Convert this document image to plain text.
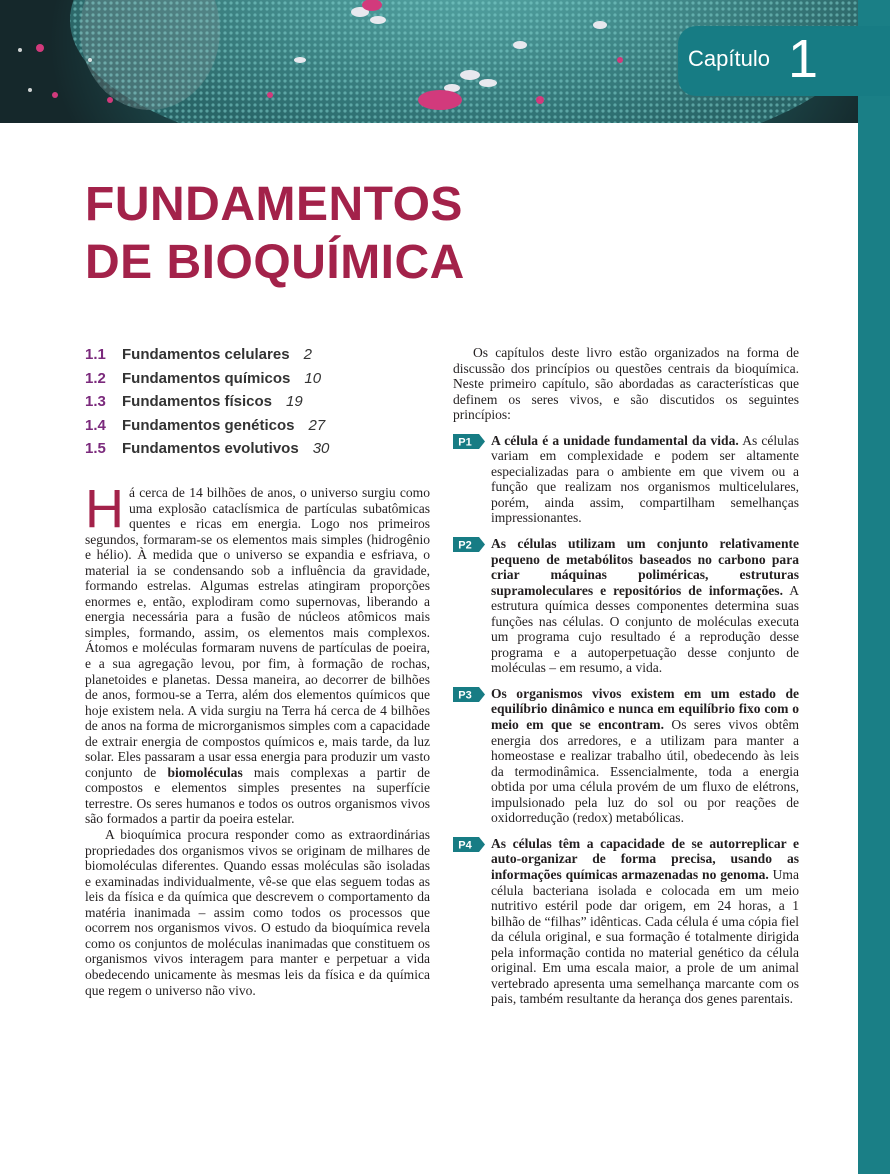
Capítulo 1
FUNDAMENTOS
DE BIOQUÍMICA
1.1 Fundamentos celulares 2
1.2 Fundamentos químicos 10
1.3 Fundamentos físicos 19
1.4 Fundamentos genéticos 27
1.5 Fundamentos evolutivos 30

Há cerca de 14 bilhões de anos, o universo surgiu como uma explosão cataclísmica de partículas subatômicas quentes e ricas em energia. Logo nos primeiros segundos, formaram-se os elementos mais simples (hidrogênio e hélio). À medida que o universo se expandia e esfriava, o material ia se condensando sob a influência da gravidade, formando estrelas. Algumas estrelas atingiram proporções enormes e, então, explodiram como supernovas, liberando a energia necessária para a fusão de núcleos atômicos mais simples, formando, assim, os elementos mais complexos. Átomos e moléculas formaram nuvens de partículas de poeira, e a sua agregação levou, por fim, à formação de rochas, planetoides e planetas. Dessa maneira, ao decorrer de bilhões de anos, formou-se a Terra, além dos elementos químicos que hoje existem nela. A vida surgiu na Terra há cerca de 4 bilhões de anos na forma de microrganismos simples com a capacidade de extrair energia de compostos químicos e, mais tarde, da luz solar. Eles passaram a usar essa energia para produzir um vasto conjunto de biomoléculas mais complexas a partir de compostos e elementos simples presentes na superfície terrestre. Os seres humanos e todos os outros organismos vivos são formados a partir da poeira estelar.

A bioquímica procura responder como as extraordinárias propriedades dos organismos vivos se originam de milhares de biomoléculas diferentes. Quando essas moléculas são isoladas e examinadas individualmente, vê-se que elas seguem todas as leis da física e da química que descrevem o comportamento da matéria inanimada – assim como todos os processos que ocorrem nos organismos vivos. O estudo da bioquímica revela como os conjuntos de moléculas inanimadas que constituem os organismos vivos interagem para manter e perpetuar a vida obedecendo unicamente às mesmas leis da física e da química que regem o universo não vivo.

Os capítulos deste livro estão organizados na forma de discussão dos princípios ou questões centrais da bioquímica. Neste primeiro capítulo, são abordadas as características que definem os seres vivos, e são discutidos os seguintes princípios:

P1 A célula é a unidade fundamental da vida. As células variam em complexidade e podem ser altamente especializadas para o ambiente em que vivem ou a função que realizam nos organismos multicelulares, porém, ainda assim, compartilham semelhanças impressionantes.
P2 As células utilizam um conjunto relativamente pequeno de metabólitos baseados no carbono para criar máquinas poliméricas, estruturas supramoleculares e repositórios de informações. A estrutura química desses componentes determina suas funções nas células. O conjunto de moléculas executa um programa cujo resultado é a reprodução desse programa e a autoperpetuação desse conjunto de moléculas – em resumo, a vida.
P3 Os organismos vivos existem em um estado de equilíbrio dinâmico e nunca em equilíbrio fixo com o meio em que se encontram. Os seres vivos obtêm energia dos arredores, e a utilizam para manter a homeostase e realizar trabalho útil, obedecendo às leis da termodinâmica. Essencialmente, toda a energia obtida por uma célula provém de um fluxo de elétrons, impulsionado pela luz do sol ou por reações de oxidorredução (redox) metabólicas.
P4 As células têm a capacidade de se autorreplicar e auto-organizar de forma precisa, usando as informações químicas armazenadas no genoma. Uma célula bacteriana isolada e colocada em um meio nutritivo estéril pode dar origem, em 24 horas, a 1 bilhão de “filhas” idênticas. Cada célula é uma cópia fiel da célula original, e sua formação é totalmente dirigida pela informação contida no material genético da célula original. Em uma escala maior, a prole de um animal vertebrado apresenta uma semelhança marcante com os pais, também resultante da herança dos genes parentais.
